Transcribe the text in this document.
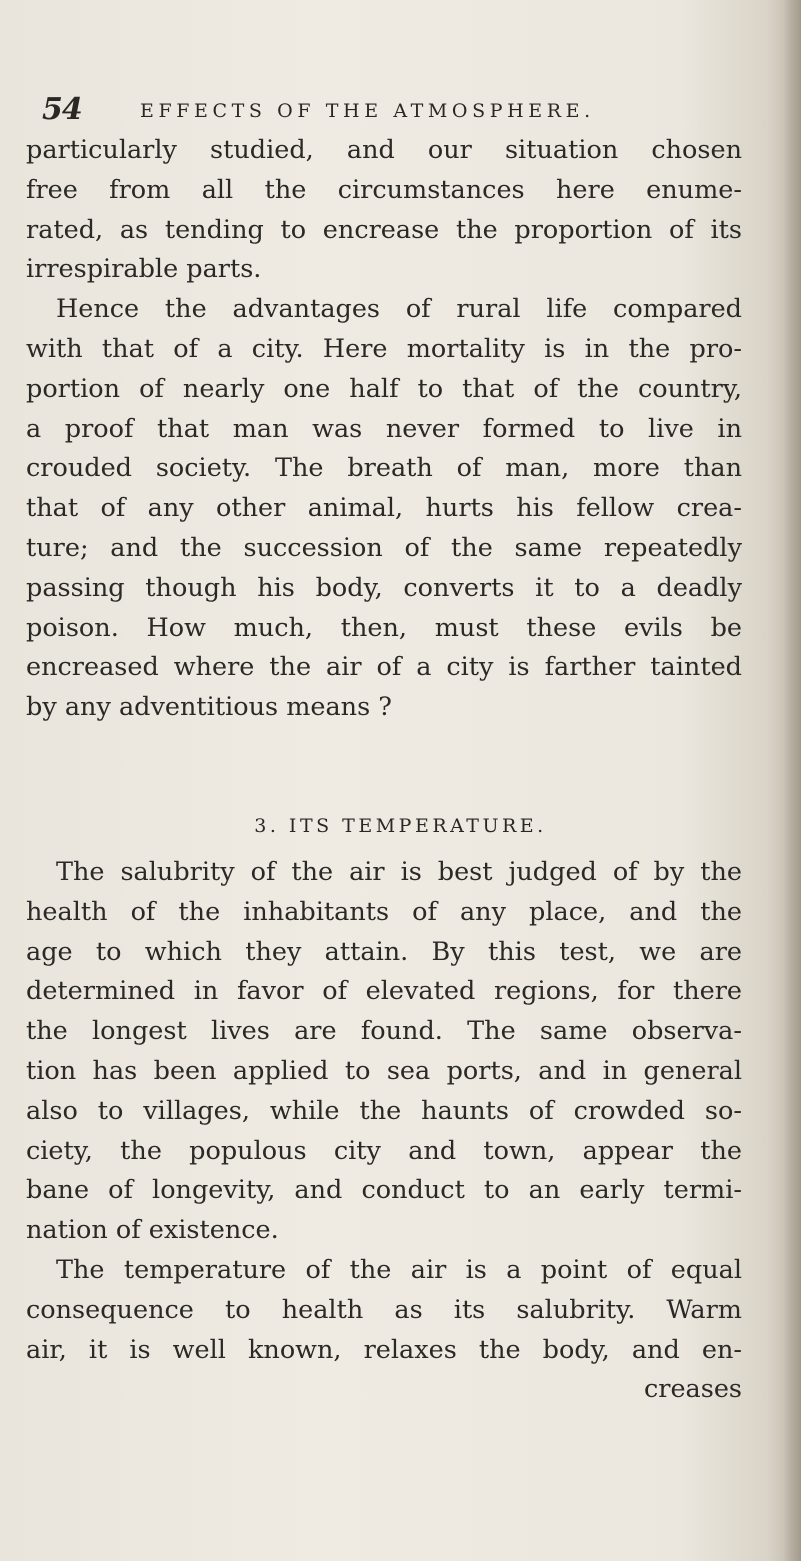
54	EFFECTS OF THE ATMOSPHERE.
particularly studied, and our situation chosen
free from all the circumstances here enume-
rated, as tending to encrease the proportion of its
irrespirable parts.
Hence the advantages of rural life compared
with that of a city. Here mortality is in the pro-
portion of nearly one half to that of the country,
a proof that man was never formed to live in
crouded society. The breath of man, more than
that of any other animal, hurts his fellow crea-
ture; and the succession of the same repeatedly
passing though his body, converts it to a deadly
poison. How much, then, must these evils be
encreased where the air of a city is farther tainted
by any adventitious means ?
3. ITS TEMPERATURE.
The salubrity of the air is best judged of by the
health of the inhabitants of any place, and the
age to which they attain. By this test, we are
determined in favor of elevated regions, for there
the longest lives are found. The same observa-
tion has been applied to sea ports, and in general
also to villages, while the haunts of crowded so-
ciety, the populous city and town, appear the
bane of longevity, and conduct to an early termi-
nation of existence.
The temperature of the air is a point of equal
consequence to health as its salubrity. Warm
air, it is well known, relaxes the body, and en-
creases
